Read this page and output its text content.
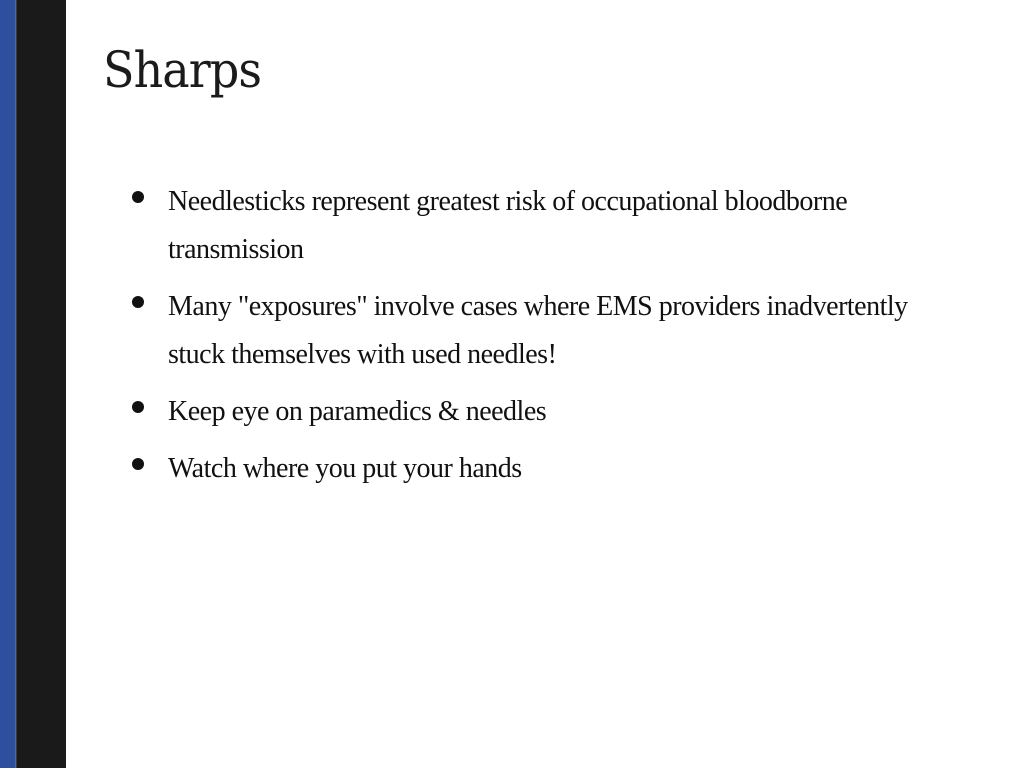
Sharps
Needlesticks represent greatest risk of occupational bloodborne transmission
Many "exposures" involve cases where EMS providers inadvertently stuck themselves with used needles!
Keep eye on paramedics & needles
Watch where you put your hands
